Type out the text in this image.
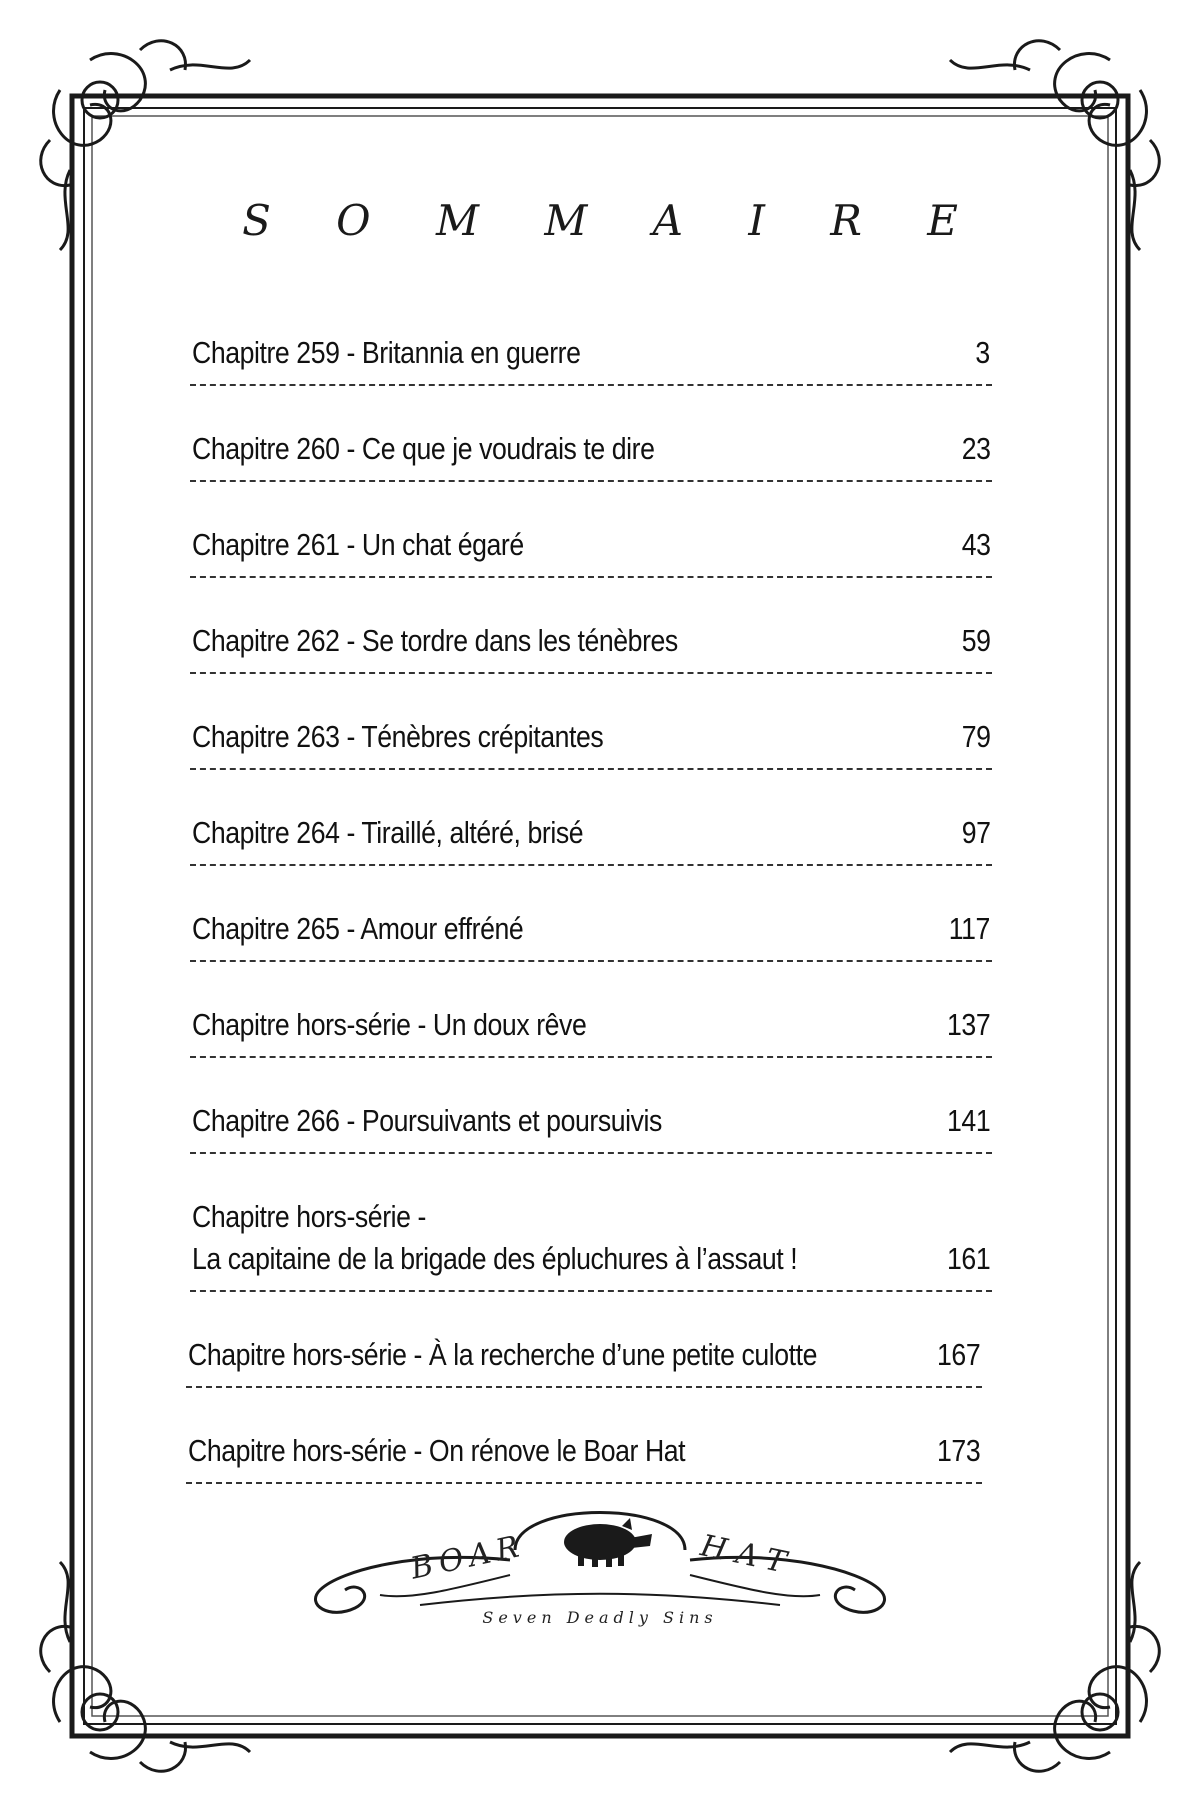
S O M M A I R E
Chapitre 259 - Britannia en guerre	3
Chapitre 260 - Ce que je voudrais te dire	23
Chapitre 261 - Un chat égaré	43
Chapitre 262 - Se tordre dans les ténèbres	59
Chapitre 263 - Ténèbres crépitantes	79
Chapitre 264 - Tiraillé, altéré, brisé	97
Chapitre 265 - Amour effréné	117
Chapitre hors-série - Un doux rêve	137
Chapitre 266 - Poursuivants et poursuivis	141
Chapitre hors-série -
La capitaine de la brigade des épluchures à l’assaut !	161
Chapitre hors-série - À la recherche d’une petite culotte	167
Chapitre hors-série - On rénove le Boar Hat	173
BOAR	HAT
Seven Deadly Sins
